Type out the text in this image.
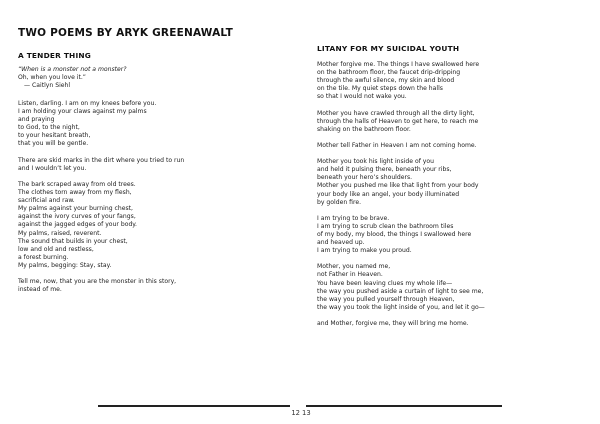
TWO POEMS BY ARYK GREENAWALT
A TENDER THING
“When is a monster not a monster?
Oh, when you love it.”
— Caitlyn Siehl
Listen, darling. I am on my knees before you.
I am holding your claws against my palms
and praying
to God, to the night,
to your hesitant breath,
that you will be gentle.
There are skid marks in the dirt where you tried to run
and I wouldn’t let you.
The bark scraped away from old trees.
The clothes torn away from my flesh,
sacrificial and raw.
My palms against your burning chest,
against the ivory curves of your fangs,
against the jagged edges of your body.
My palms, raised, reverent.
The sound that builds in your chest,
low and old and restless,
a forest burning.
My palms, begging: Stay, stay.
Tell me, now, that you are the monster in this story,
instead of me.
LITANY FOR MY SUICIDAL YOUTH
Mother forgive me. The things I have swallowed here
on the bathroom floor, the faucet drip-dripping
through the awful silence, my skin and blood
on the tile. My quiet steps down the halls
so that I would not wake you.
Mother you have crawled through all the dirty light,
through the halls of Heaven to get here, to reach me
shaking on the bathroom floor.
Mother tell Father in Heaven I am not coming home.
Mother you took his light inside of you
and held it pulsing there, beneath your ribs,
beneath your hero’s shoulders.
Mother you pushed me like that light from your body
your body like an angel, your body illuminated
by golden fire.
I am trying to be brave.
I am trying to scrub clean the bathroom tiles
of my body, my blood, the things I swallowed here
and heaved up.
I am trying to make you proud.
Mother, you named me,
not Father in Heaven.
You have been leaving clues my whole life—
the way you pushed aside a curtain of light to see me,
the way you pulled yourself through Heaven,
the way you took the light inside of you, and let it go—
and Mother, forgive me, they will bring me home.
12 13
